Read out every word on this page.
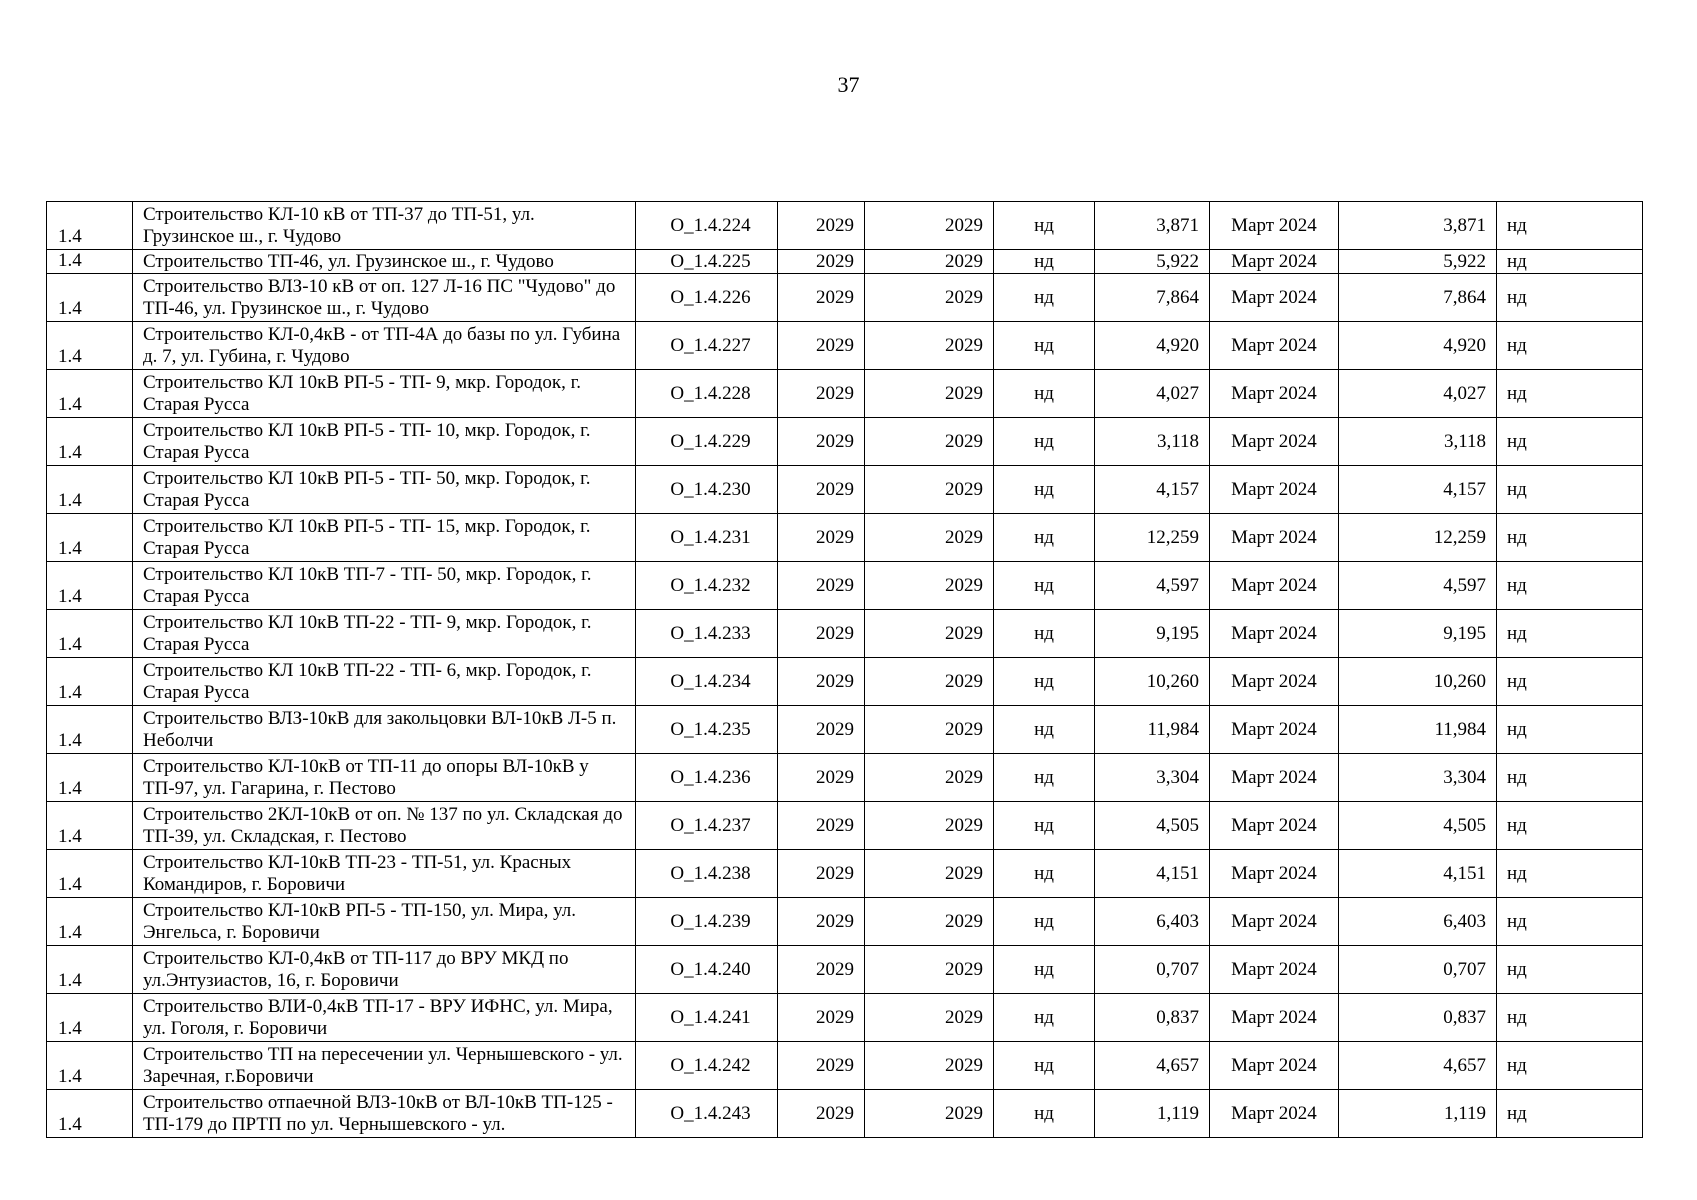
37
1.4	Строительство КЛ-10 кВ от ТП-37 до ТП-51, ул. Грузинское ш., г. Чудово	О_1.4.224	2029	2029	нд	3,871	Март 2024	3,871	нд
1.4	Строительство ТП-46, ул. Грузинское ш., г. Чудово	О_1.4.225	2029	2029	нд	5,922	Март 2024	5,922	нд
1.4	Строительство ВЛЗ-10 кВ от оп. 127 Л-16 ПС "Чудово" до ТП-46, ул. Грузинское ш., г. Чудово	О_1.4.226	2029	2029	нд	7,864	Март 2024	7,864	нд
1.4	Строительство КЛ-0,4кВ - от ТП-4А до базы по ул. Губина д. 7, ул. Губина, г. Чудово	О_1.4.227	2029	2029	нд	4,920	Март 2024	4,920	нд
1.4	Строительство КЛ 10кВ РП-5 - ТП- 9, мкр. Городок, г. Старая Русса	О_1.4.228	2029	2029	нд	4,027	Март 2024	4,027	нд
1.4	Строительство КЛ 10кВ РП-5 - ТП- 10, мкр. Городок, г. Старая Русса	О_1.4.229	2029	2029	нд	3,118	Март 2024	3,118	нд
1.4	Строительство КЛ 10кВ РП-5 - ТП- 50, мкр. Городок, г. Старая Русса	О_1.4.230	2029	2029	нд	4,157	Март 2024	4,157	нд
1.4	Строительство КЛ 10кВ РП-5 - ТП- 15, мкр. Городок, г. Старая Русса	О_1.4.231	2029	2029	нд	12,259	Март 2024	12,259	нд
1.4	Строительство КЛ 10кВ ТП-7 - ТП- 50, мкр. Городок, г. Старая Русса	О_1.4.232	2029	2029	нд	4,597	Март 2024	4,597	нд
1.4	Строительство КЛ 10кВ ТП-22 - ТП- 9, мкр. Городок, г. Старая Русса	О_1.4.233	2029	2029	нд	9,195	Март 2024	9,195	нд
1.4	Строительство КЛ 10кВ ТП-22 - ТП- 6, мкр. Городок, г. Старая Русса	О_1.4.234	2029	2029	нд	10,260	Март 2024	10,260	нд
1.4	Строительство ВЛЗ-10кВ для закольцовки ВЛ-10кВ Л-5 п. Неболчи	О_1.4.235	2029	2029	нд	11,984	Март 2024	11,984	нд
1.4	Строительство КЛ-10кВ от ТП-11 до опоры ВЛ-10кВ у ТП-97, ул. Гагарина, г. Пестово	О_1.4.236	2029	2029	нд	3,304	Март 2024	3,304	нд
1.4	Строительство 2КЛ-10кВ от оп. № 137 по ул. Складская до ТП-39, ул. Складская, г. Пестово	О_1.4.237	2029	2029	нд	4,505	Март 2024	4,505	нд
1.4	Строительство КЛ-10кВ ТП-23 - ТП-51, ул. Красных Командиров, г. Боровичи	О_1.4.238	2029	2029	нд	4,151	Март 2024	4,151	нд
1.4	Строительство КЛ-10кВ РП-5 - ТП-150, ул. Мира, ул. Энгельса, г. Боровичи	О_1.4.239	2029	2029	нд	6,403	Март 2024	6,403	нд
1.4	Строительство КЛ-0,4кВ от ТП-117 до ВРУ МКД по ул.Энтузиастов, 16, г. Боровичи	О_1.4.240	2029	2029	нд	0,707	Март 2024	0,707	нд
1.4	Строительство ВЛИ-0,4кВ ТП-17 - ВРУ ИФНС, ул. Мира, ул. Гоголя, г. Боровичи	О_1.4.241	2029	2029	нд	0,837	Март 2024	0,837	нд
1.4	Строительство ТП на пересечении ул. Чернышевского - ул. Заречная, г.Боровичи	О_1.4.242	2029	2029	нд	4,657	Март 2024	4,657	нд
1.4	Строительство отпаечной ВЛЗ-10кВ от ВЛ-10кВ ТП-125 - ТП-179 до ПРТП по ул. Чернышевского - ул.	О_1.4.243	2029	2029	нд	1,119	Март 2024	1,119	нд
